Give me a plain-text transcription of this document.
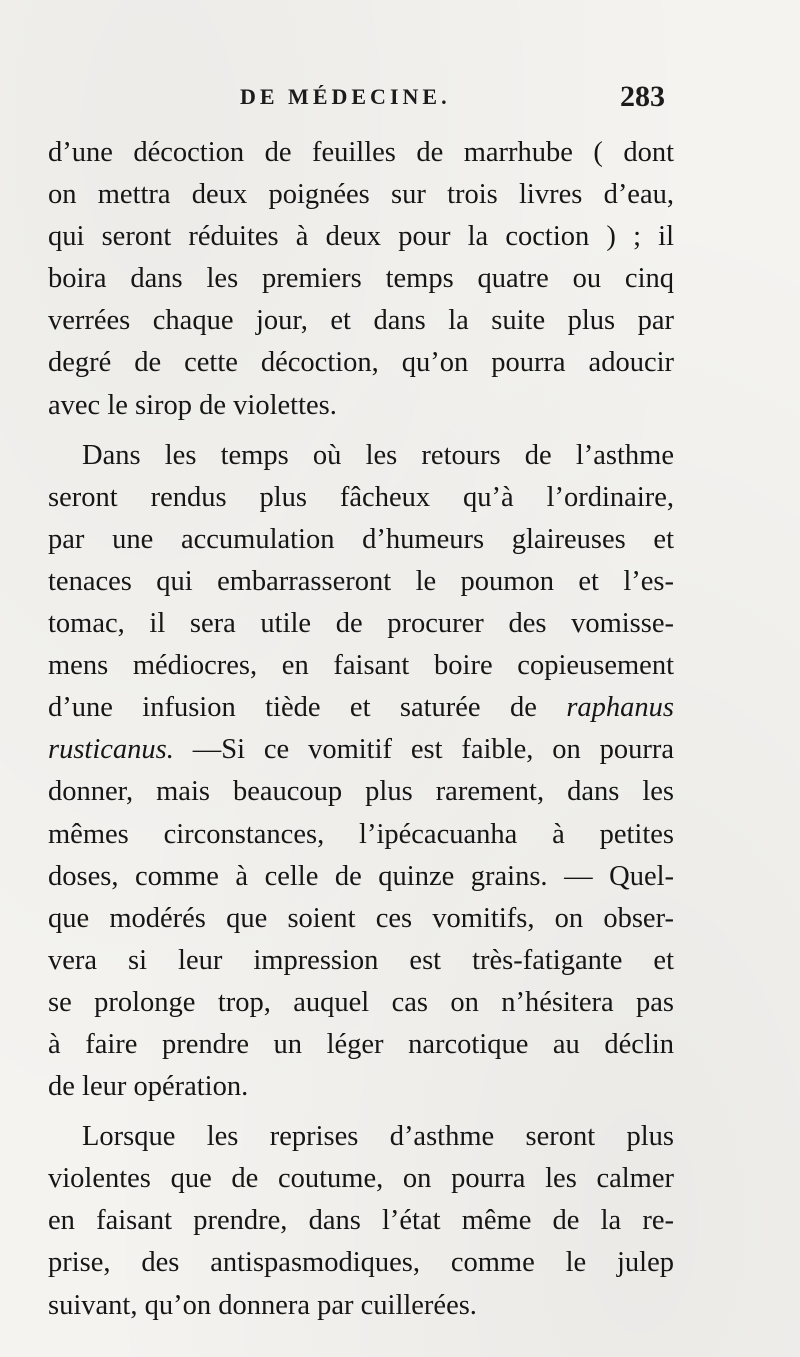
DE MÉDECINE.	283

d’une décoction de feuilles de marrhube ( dont
on mettra deux poignées sur trois livres d’eau,
qui seront réduites à deux pour la coction ) ; il
boira dans les premiers temps quatre ou cinq
verrées chaque jour, et dans la suite plus par
degré de cette décoction, qu’on pourra adoucir
avec le sirop de violettes.

Dans les temps où les retours de l’asthme
seront rendus plus fâcheux qu’à l’ordinaire,
par une accumulation d’humeurs glaireuses et
tenaces qui embarrasseront le poumon et l’es-
tomac, il sera utile de procurer des vomisse-
mens médiocres, en faisant boire copieusement
d’une infusion tiède et saturée de raphanus
rusticanus. —Si ce vomitif est faible, on pourra
donner, mais beaucoup plus rarement, dans les
mêmes circonstances, l’ipécacuanha à petites
doses, comme à celle de quinze grains. — Quel-
que modérés que soient ces vomitifs, on obser-
vera si leur impression est très-fatigante et
se prolonge trop, auquel cas on n’hésitera pas
à faire prendre un léger narcotique au déclin
de leur opération.

Lorsque les reprises d’asthme seront plus
violentes que de coutume, on pourra les calmer
en faisant prendre, dans l’état même de la re-
prise, des antispasmodiques, comme le julep
suivant, qu’on donnera par cuillerées.
